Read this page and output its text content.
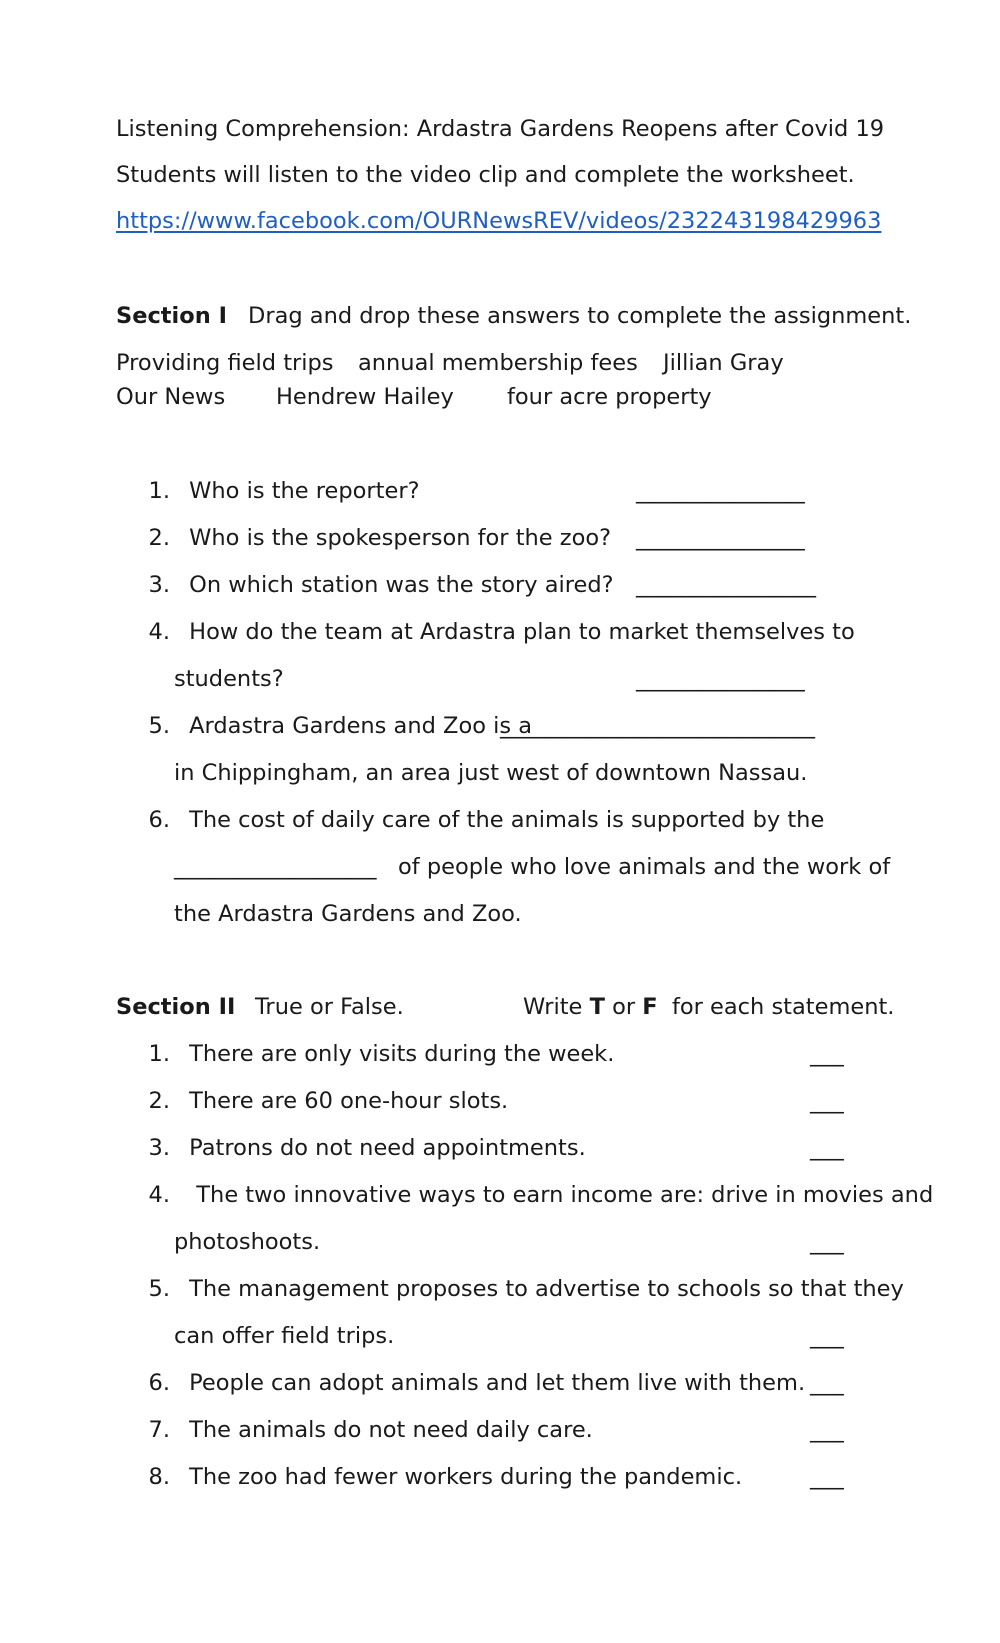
Listening Comprehension: Ardastra Gardens Reopens after Covid 19
Students will listen to the video clip and complete the worksheet.
https://www.facebook.com/OURNewsREV/videos/232243198429963
Section I Drag and drop these answers to complete the assignment.
Providing field trips annual membership fees Jillian Gray
Our News Hendrew Hailey four acre property
1. Who is the reporter?	_______________
2. Who is the spokesperson for the zoo? _______________
3. On which station was the story aired? ________________
4. How do the team at Ardastra plan to market themselves to
students?	_______________
5. Ardastra Gardens and Zoo is a
____________________________
in Chippingham, an area just west of downtown Nassau.
6. The cost of daily care of the animals is supported by the
__________________ of people who love animals and the work of
the Ardastra Gardens and Zoo.
Section II True or False.	Write T or F for each statement.
1. There are only visits during the week.	___
2. There are 60 one-hour slots.	___
3. Patrons do not need appointments.	___
4.  The two innovative ways to earn income are: drive in movies and
photoshoots.	___
5. The management proposes to advertise to schools so that they
can offer field trips.	___
6. People can adopt animals and let them live with them. ___
7. The animals do not need daily care.	___
8. The zoo had fewer workers during the pandemic.	___
